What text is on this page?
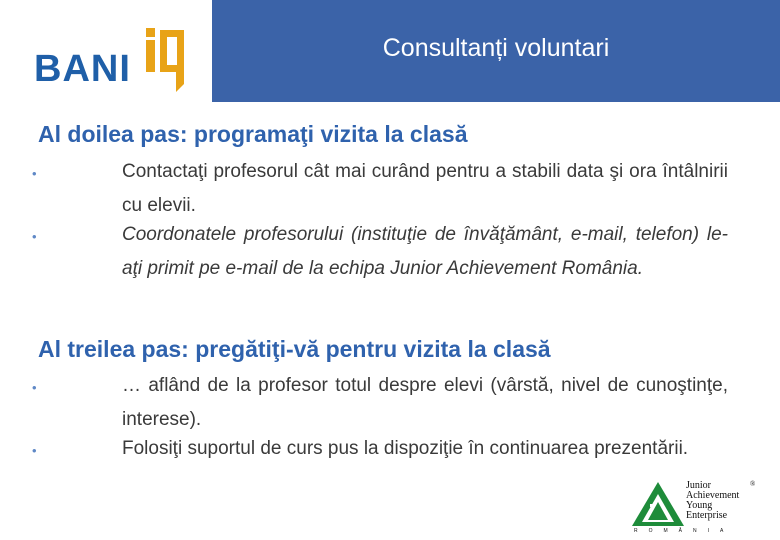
BANI	Consultanți voluntari
Al doilea pas: programaţi vizita la clasă
•	Contactaţi profesorul cât mai curând pentru a stabili data şi ora întâlnirii cu elevii.
•	Coordonatele profesorului (instituţie de învăţământ, e-mail, telefon) le-aţi primit pe e-mail de la echipa Junior Achievement România.
Al treilea pas: pregătiţi-vă pentru vizita la clasă
•	… aflând de la profesor totul despre elevi (vârstă, nivel de cunoştinţe, interese).
•	Folosiţi suportul de curs pus la dispoziţie în continuarea prezentării.
Junior
Achievement
Young
Enterprise
®
ROMÂNIA
